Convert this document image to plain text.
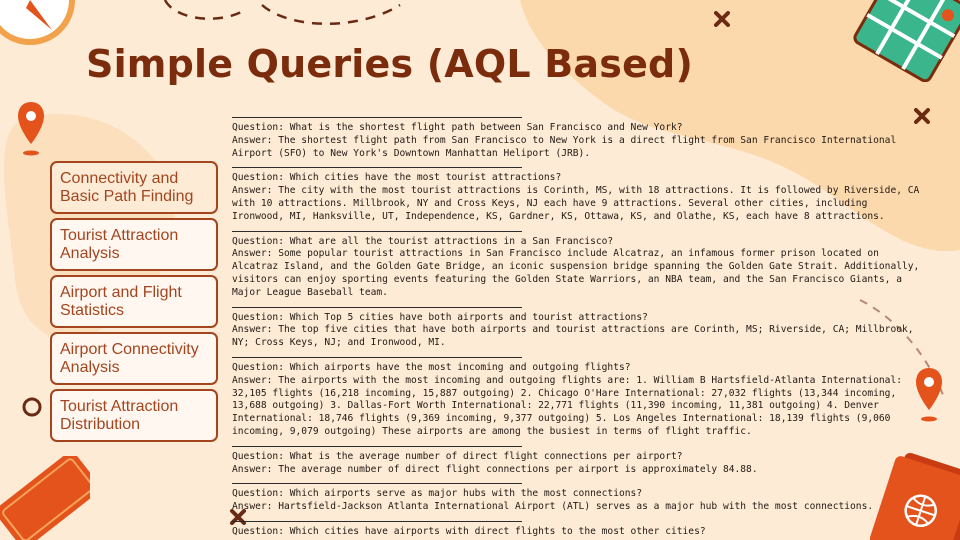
Simple Queries (AQL Based)
Connectivity and Basic Path Finding
Tourist Attraction Analysis
Airport and Flight Statistics
Airport Connectivity Analysis
Tourist Attraction Distribution

Question: What is the shortest flight path between San Francisco and New York?

Answer: The shortest flight path from San Francisco to New York is a direct flight from San Francisco International Airport (SFO) to New York's Downtown Manhattan Heliport (JRB).

Question: Which cities have the most tourist attractions?

Answer: The city with the most tourist attractions is Corinth, MS, with 18 attractions. It is followed by Riverside, CA with 10 attractions. Millbrook, NY and Cross Keys, NJ each have 9 attractions. Several other cities, including Ironwood, MI, Hanksville, UT, Independence, KS, Gardner, KS, Ottawa, KS, and Olathe, KS, each have 8 attractions.

Question: What are all the tourist attractions in a San Francisco?

Answer: Some popular tourist attractions in San Francisco include Alcatraz, an infamous former prison located on Alcatraz Island, and the Golden Gate Bridge, an iconic suspension bridge spanning the Golden Gate Strait. Additionally, visitors can enjoy sporting events featuring the Golden State Warriors, an NBA team, and the San Francisco Giants, a Major League Baseball team.

Question: Which Top 5 cities have both airports and tourist attractions?

Answer: The top five cities that have both airports and tourist attractions are Corinth, MS; Riverside, CA; Millbrook, NY; Cross Keys, NJ; and Ironwood, MI.

Question: Which airports have the most incoming and outgoing flights?

Answer: The airports with the most incoming and outgoing flights are: 1. William B Hartsfield-Atlanta International: 32,105 flights (16,218 incoming, 15,887 outgoing) 2. Chicago O'Hare International: 27,032 flights (13,344 incoming, 13,688 outgoing) 3. Dallas-Fort Worth International: 22,771 flights (11,390 incoming, 11,381 outgoing) 4. Denver International: 18,746 flights (9,369 incoming, 9,377 outgoing) 5. Los Angeles International: 18,139 flights (9,060 incoming, 9,079 outgoing) These airports are among the busiest in terms of flight traffic.

Question: What is the average number of direct flight connections per airport?

Answer: The average number of direct flight connections per airport is approximately 84.88.

Question: Which airports serve as major hubs with the most connections?

Answer: Hartsfield-Jackson Atlanta International Airport (ATL) serves as a major hub with the most connections.

Question: Which cities have airports with direct flights to the most other cities?
